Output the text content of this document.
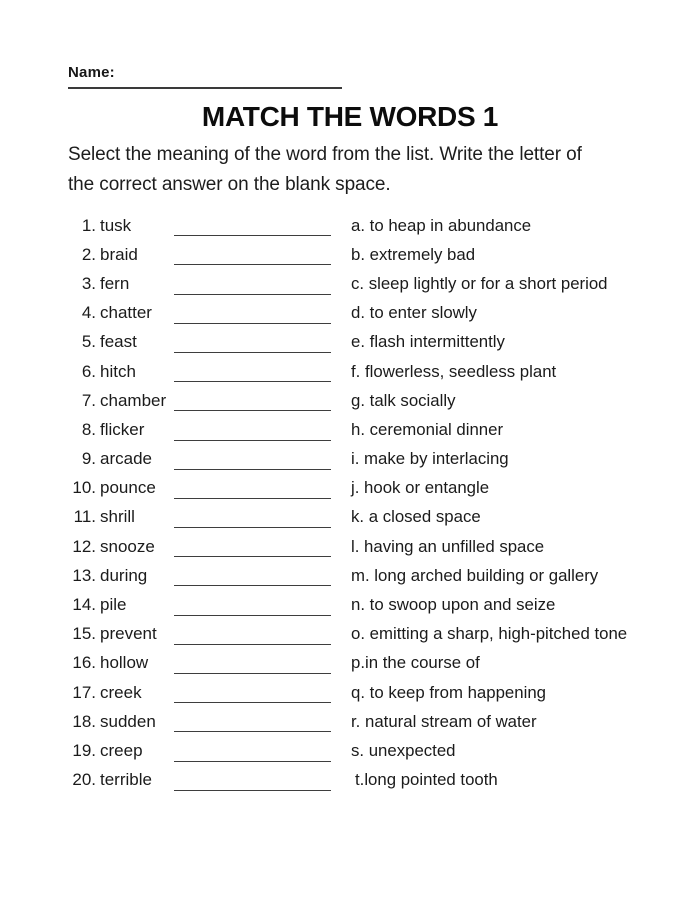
Name:
MATCH THE WORDS 1
Select the meaning of the word from the list. Write the letter of
the correct answer on the blank space.
1. tusk	a. to heap in abundance
2. braid	b. extremely bad
3. fern	c. sleep lightly or for a short period
4. chatter	d. to enter slowly
5. feast	e. flash intermittently
6. hitch	f. flowerless, seedless plant
7. chamber	g. talk socially
8. flicker	h. ceremonial dinner
9. arcade	i. make by interlacing
10. pounce	j. hook or entangle
11. shrill	k. a closed space
12. snooze	l. having an unfilled space
13. during	m. long arched building or gallery
14. pile	n. to swoop upon and seize
15. prevent	o. emitting a sharp, high-pitched tone
16. hollow	p.in the course of
17. creek	q. to keep from happening
18. sudden	r. natural stream of water
19. creep	s. unexpected
20. terrible	t.long pointed tooth
